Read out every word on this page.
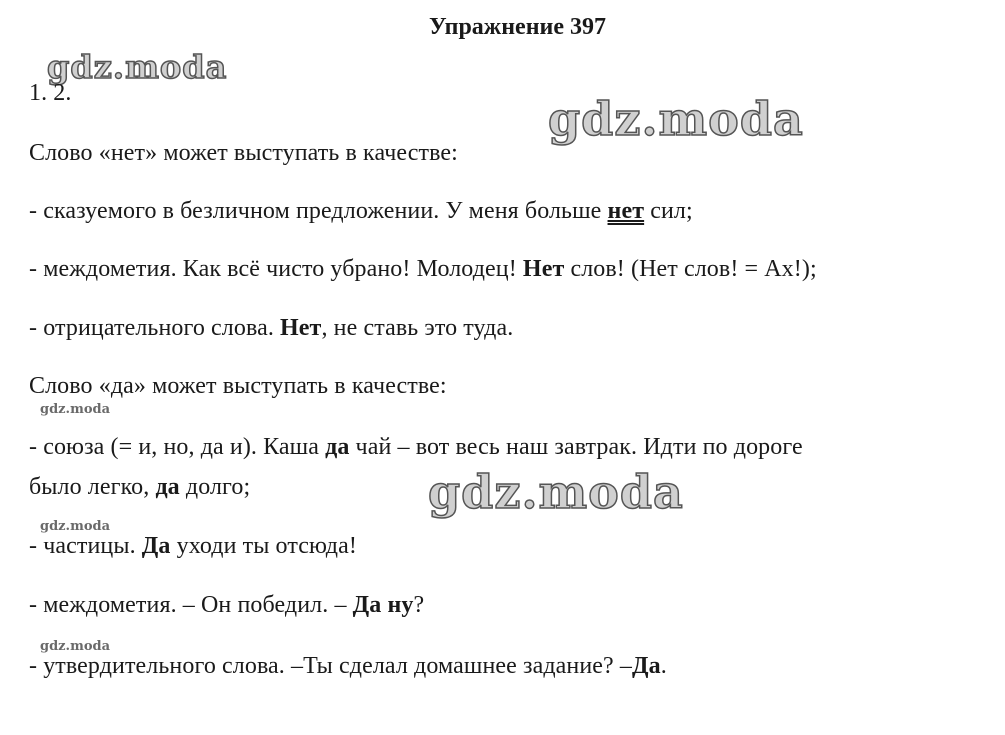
Упражнение 397
gdz.moda
gdz.moda
gdz.moda
gdz.moda
gdz.moda
gdz.moda
1. 2.
Слово «нет» может выступать в качестве:
- сказуемого в безличном предложении. У меня больше нет сил;
- междометия. Как всё чисто убрано! Молодец! Нет слов! (Нет слов! = Ах!);
- отрицательного слова. Нет, не ставь это туда.
Слово «да» может выступать в качестве:
- союза (= и, но, да и). Каша да чай – вот весь наш завтрак. Идти по дороге
было легко, да долго;
- частицы. Да уходи ты отсюда!
- междометия. – Он победил. – Да ну?
- утвердительного слова. –Ты сделал домашнее задание? –Да.
